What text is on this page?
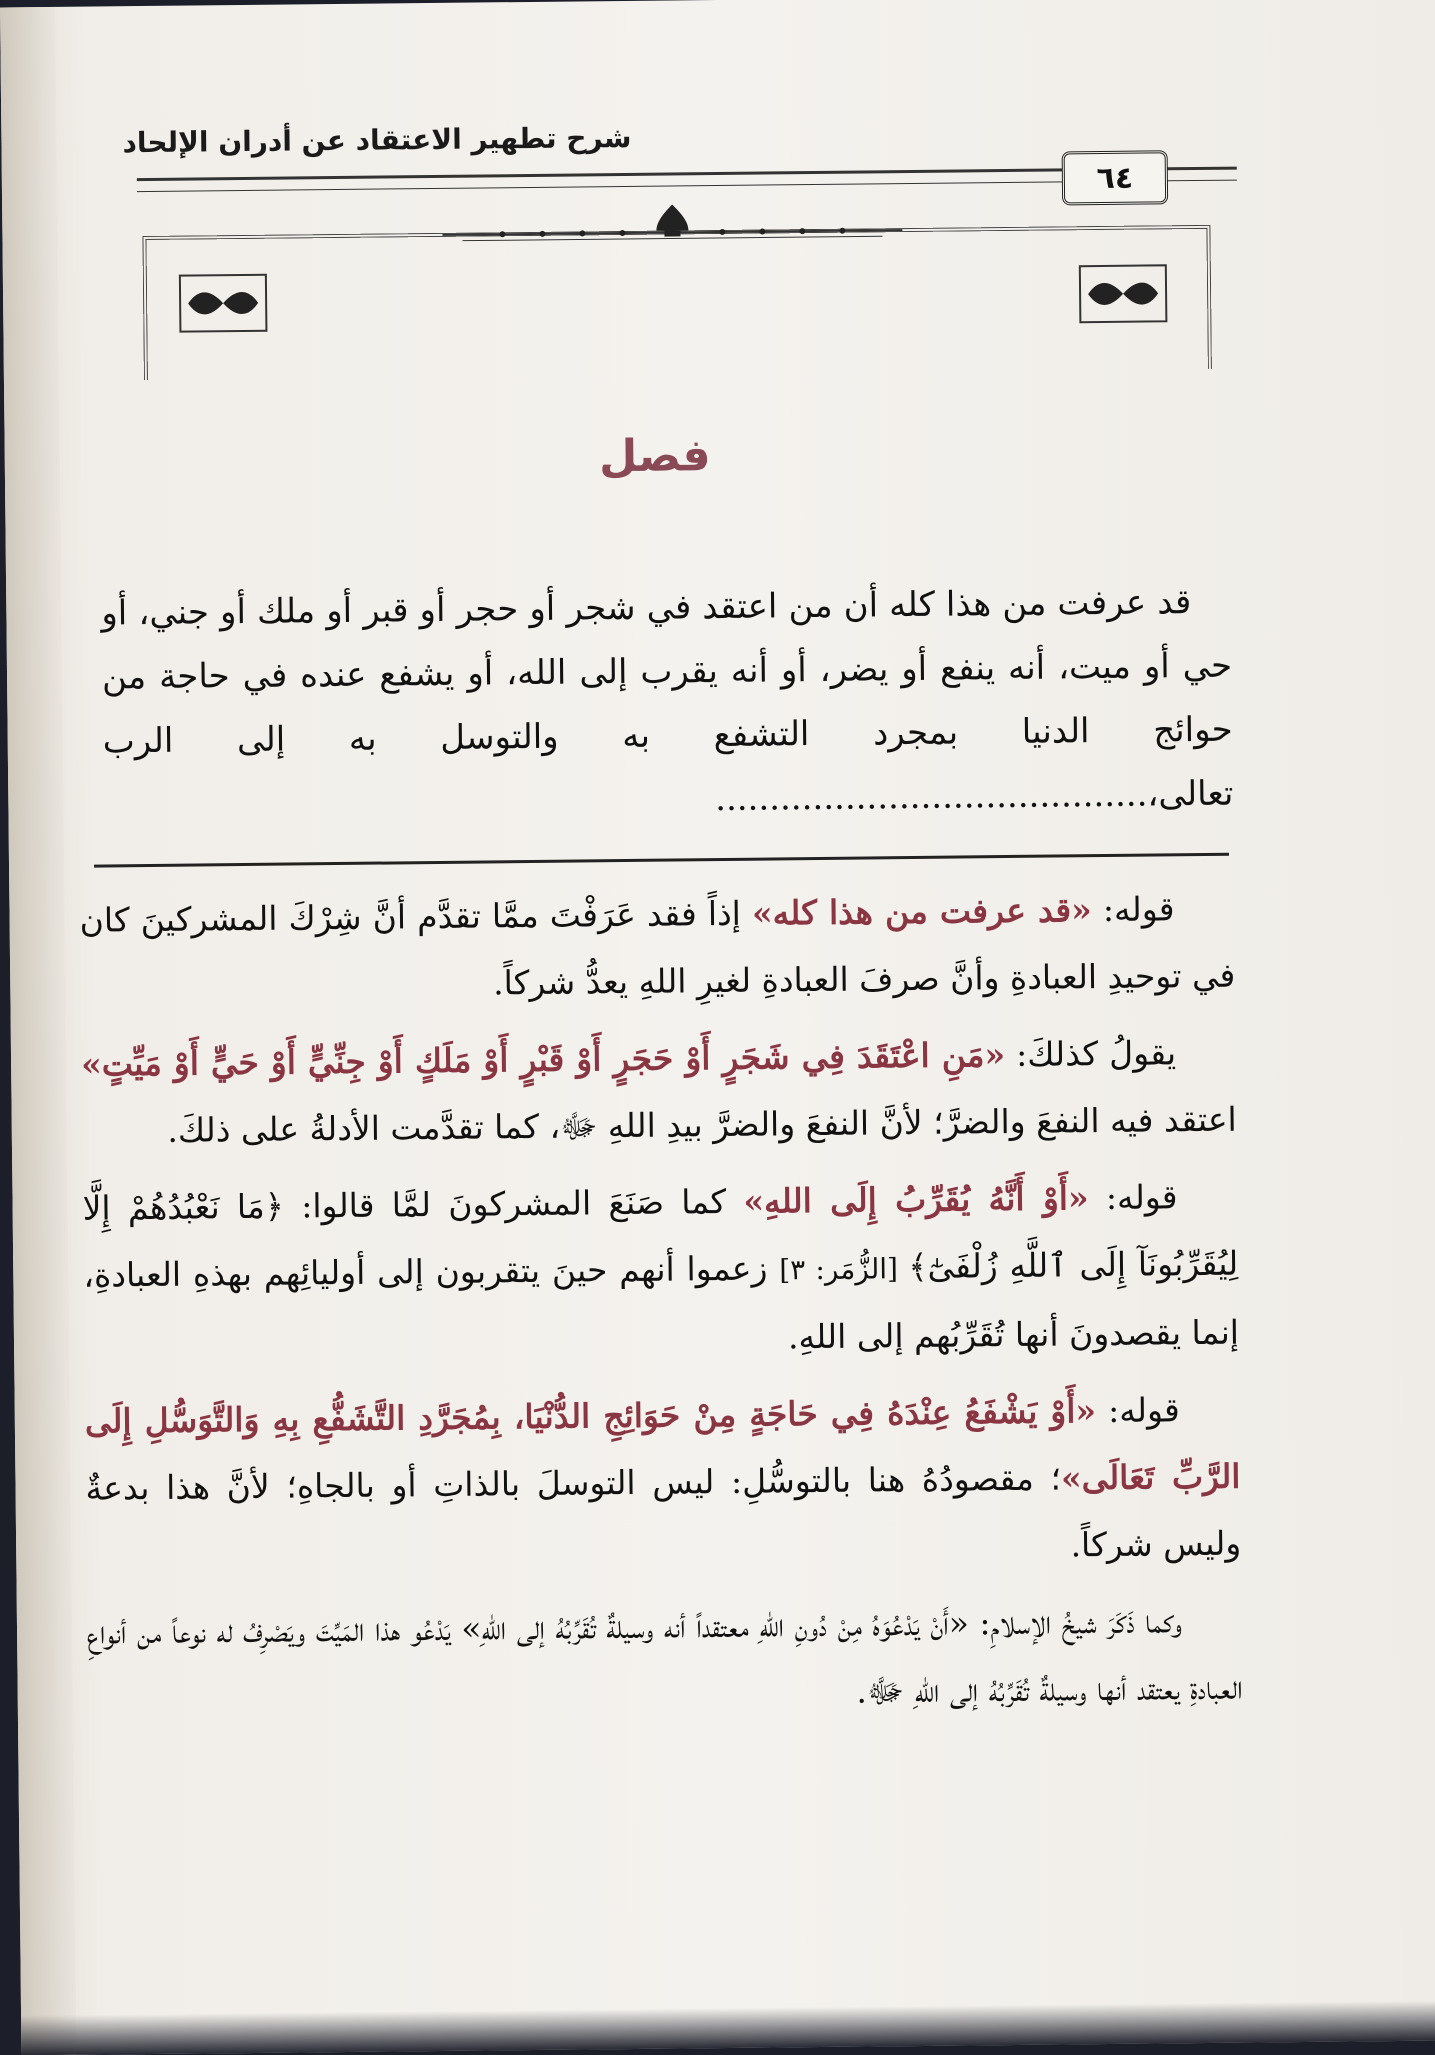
شرح تطهير الاعتقاد عن أدران الإلحاد
٦٤
فصل
قد عرفت من هذا كله أن من اعتقد في شجر أو حجر أو قبر أو ملك أو جني، أو حي أو ميت، أنه ينفع أو يضر، أو أنه يقرب إلى الله، أو يشفع عنده في حاجة من حوائج الدنيا بمجرد التشفع به والتوسل به إلى الرب تعالى،........................................

قوله: «قد عرفت من هذا كله» إذاً فقد عَرَفْتَ ممَّا تقدَّم أنَّ شِرْكَ المشركينَ كان في توحيدِ العبادةِ وأنَّ صرفَ العبادةِ لغيرِ اللهِ يعدُّ شركاً.

يقولُ كذلكَ: «مَنِ اعْتَقَدَ فِي شَجَرٍ أَوْ حَجَرٍ أَوْ قَبْرٍ أَوْ مَلَكٍ أَوْ جِنِّيٍّ أَوْ حَيٍّ أَوْ مَيِّتٍ» اعتقد فيه النفعَ والضرَّ؛ لأنَّ النفعَ والضرَّ بيدِ اللهِ ﷻ، كما تقدَّمت الأدلةُ على ذلكَ.

قوله: «أَوْ أَنَّهُ يُقَرِّبُ إِلَى اللهِ» كما صَنَعَ المشركونَ لمَّا قالوا: ﴿مَا نَعْبُدُهُمْ إِلَّا لِيُقَرِّبُونَآ إِلَى ٱللَّهِ زُلْفَىٰٓ﴾ [الزُّمَر: ٣] زعموا أنهم حينَ يتقربون إلى أوليائِهم بهذهِ العبادةِ، إنما يقصدونَ أنها تُقَرِّبُهم إلى اللهِ.

قوله: «أَوْ يَشْفَعُ عِنْدَهُ فِي حَاجَةٍ مِنْ حَوَائِجِ الدُّنْيَا، بِمُجَرَّدِ التَّشَفُّعِ بِهِ وَالتَّوَسُّلِ إِلَى الرَّبِّ تَعَالَى»؛ مقصودُهُ هنا بالتوسُّلِ: ليس التوسلَ بالذاتِ أو بالجاهِ؛ لأنَّ هذا بدعةٌ وليس شركاً.

وكما ذَكَرَ شيخُ الإسلامِ: «أَنْ يَدْعُوَهُ مِنْ دُونِ اللهِ معتقداً أنه وسيلةٌ تُقَرِّبُهُ إلى اللهِ» يَدْعُو هذا المَيِّتَ ويَصْرِفُ له نوعاً من أنواعِ العبادةِ يعتقد أنها وسيلةٌ تُقَرِّبُهُ إلى اللهِ ﷻ.
